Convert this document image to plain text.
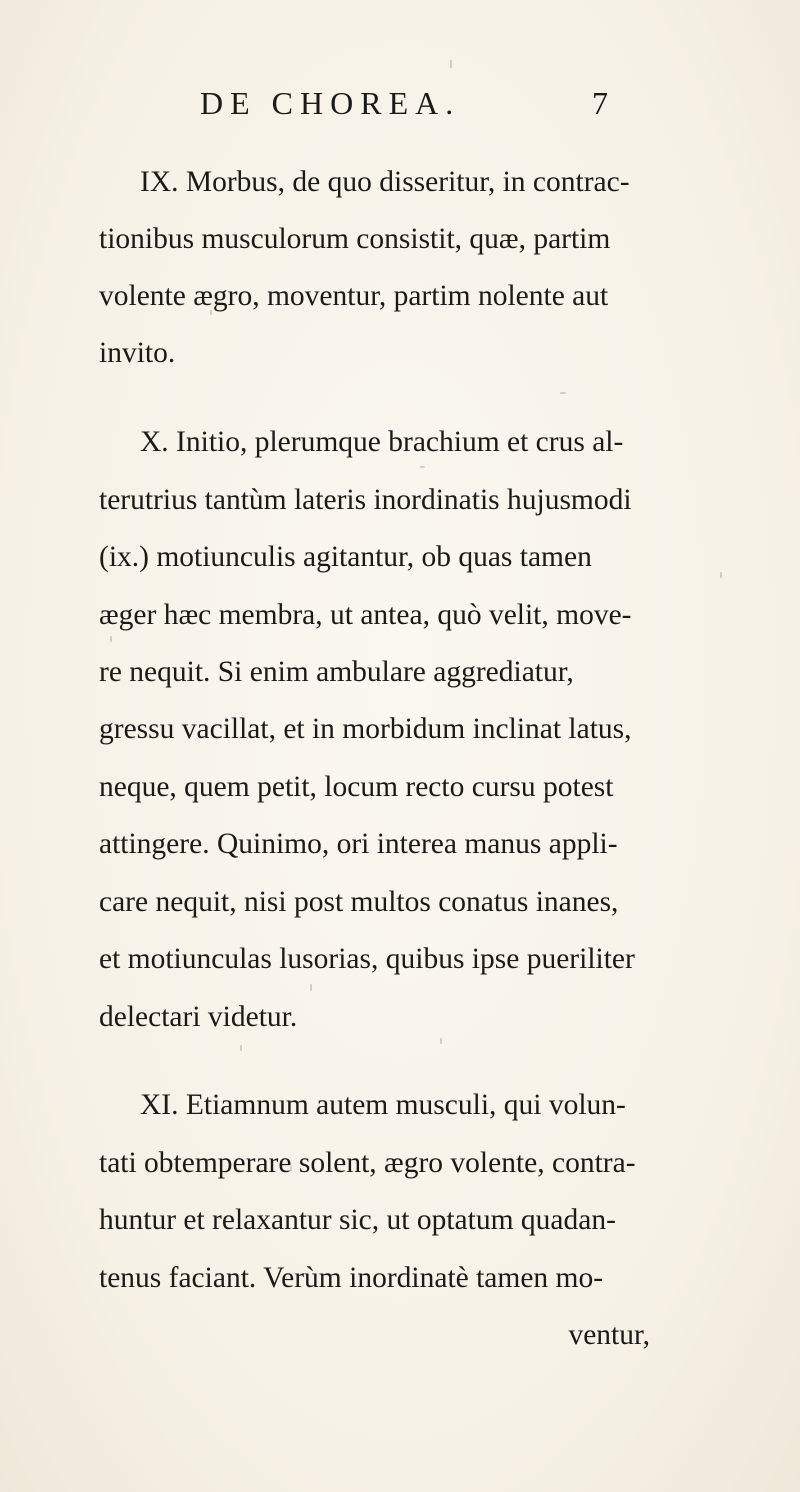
DE CHOREA.	7
IX. Morbus, de quo disseritur, in contrac-
tionibus musculorum consistit, quæ, partim
volente ægro, moventur, partim nolente aut
invito.
X. Initio, plerumque brachium et crus al-
terutrius tantùm lateris inordinatis hujusmodi
(ix.) motiunculis agitantur, ob quas tamen
æger hæc membra, ut antea, quò velit, move-
re nequit. Si enim ambulare aggrediatur,
gressu vacillat, et in morbidum inclinat latus,
neque, quem petit, locum recto cursu potest
attingere. Quinimo, ori interea manus appli-
care nequit, nisi post multos conatus inanes,
et motiunculas lusorias, quibus ipse pueriliter
delectari videtur.
XI. Etiamnum autem musculi, qui volun-
tati obtemperare solent, ægro volente, contra-
huntur et relaxantur sic, ut optatum quadan-
tenus faciant. Verùm inordinatè tamen mo-
ventur,
